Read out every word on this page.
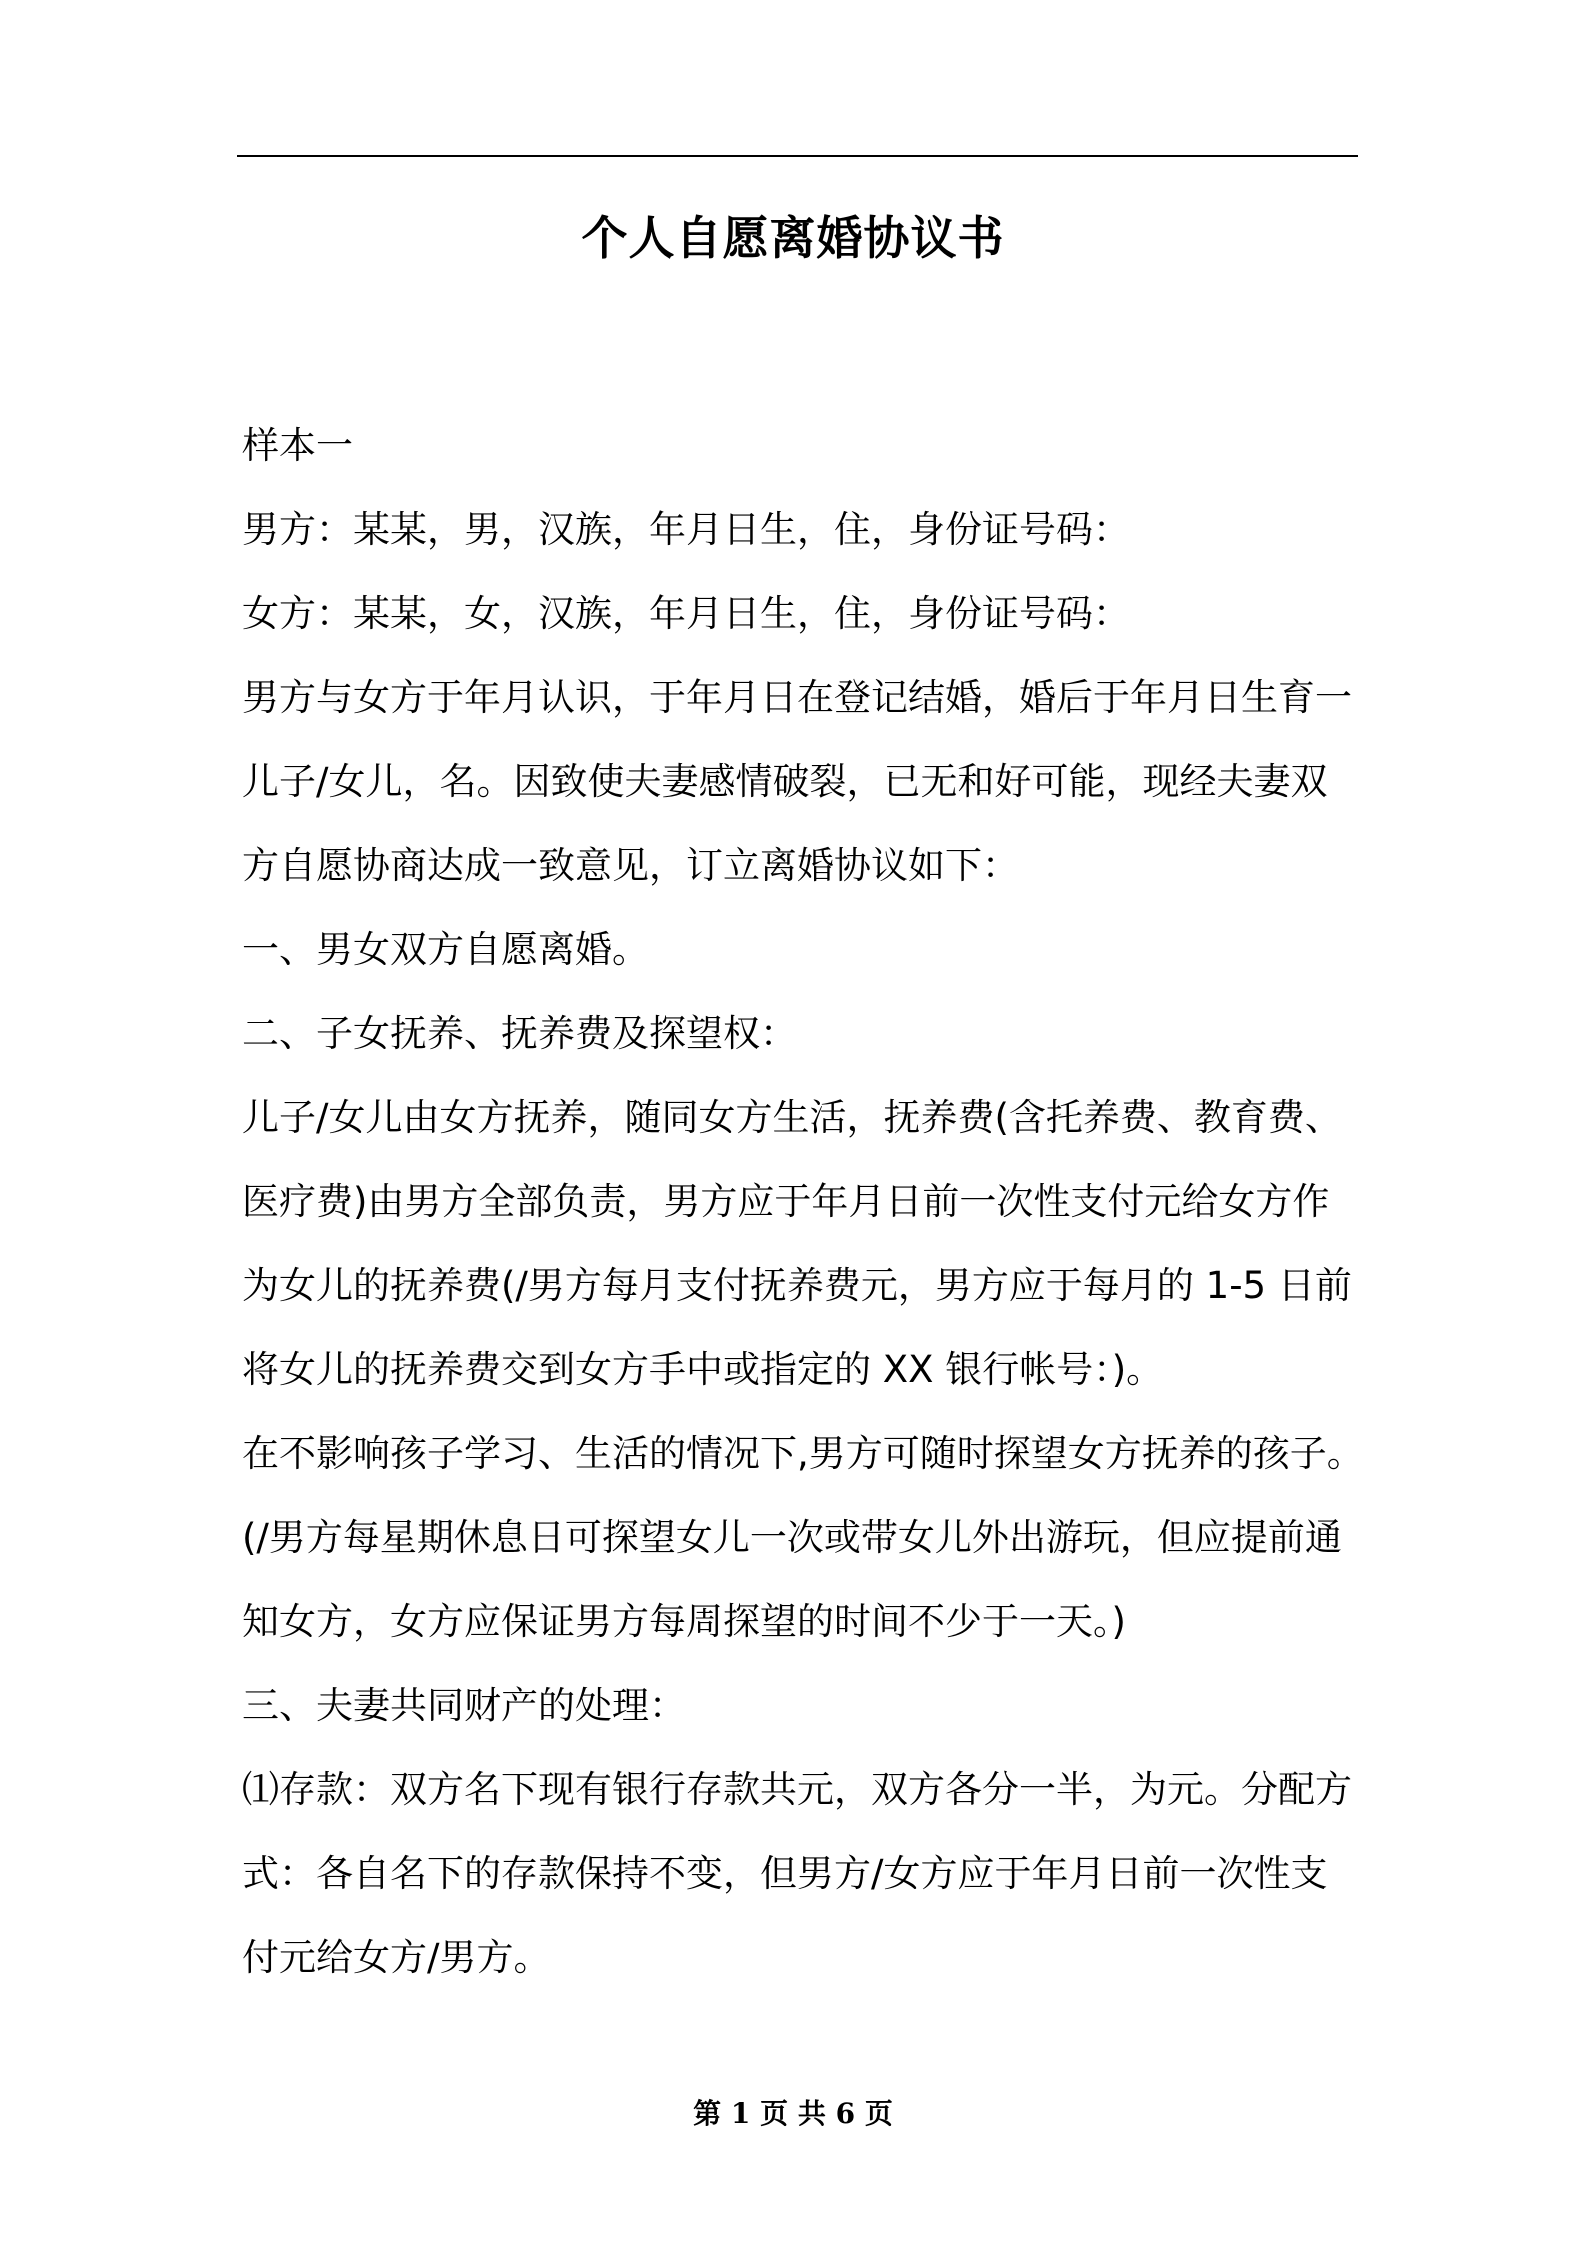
个人自愿离婚协议书
样本一
男方：某某，男，汉族，年月日生，住，身份证号码：
女方：某某，女，汉族，年月日生，住，身份证号码：
男方与女方于年月认识，于年月日在登记结婚，婚后于年月日生育一
儿子/女儿，名。因致使夫妻感情破裂，已无和好可能，现经夫妻双
方自愿协商达成一致意见，订立离婚协议如下：
一、男女双方自愿离婚。
二、子女抚养、抚养费及探望权：
儿子/女儿由女方抚养，随同女方生活，抚养费(含托养费、教育费、
医疗费)由男方全部负责，男方应于年月日前一次性支付元给女方作
为女儿的抚养费(/男方每月支付抚养费元，男方应于每月的 1-5 日前
将女儿的抚养费交到女方手中或指定的 XX 银行帐号：)。
在不影响孩子学习、生活的情况下,男方可随时探望女方抚养的孩子。
(/男方每星期休息日可探望女儿一次或带女儿外出游玩，但应提前通
知女方，女方应保证男方每周探望的时间不少于一天。)
三、夫妻共同财产的处理：
⑴存款：双方名下现有银行存款共元，双方各分一半，为元。分配方
式：各自名下的存款保持不变，但男方/女方应于年月日前一次性支
付元给女方/男方。
第 1 页 共 6 页
